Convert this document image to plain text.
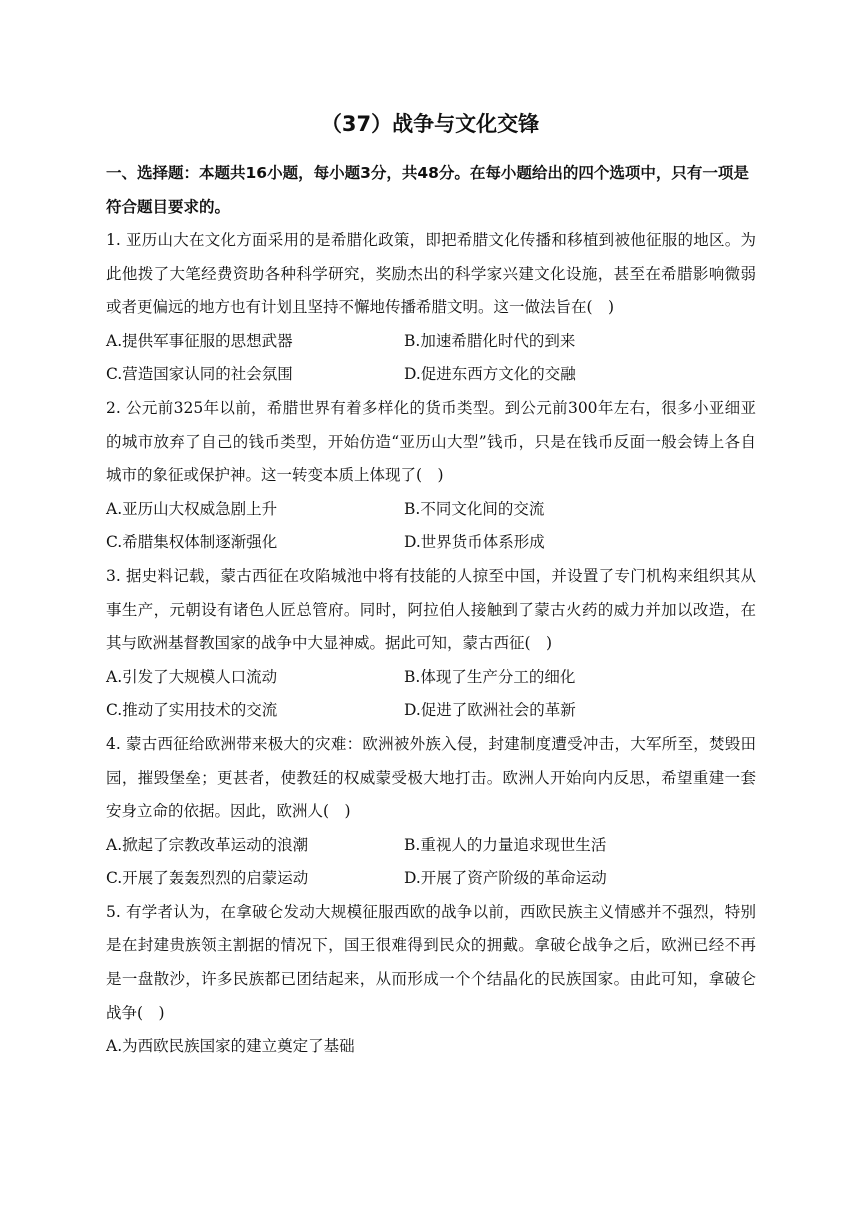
（37）战争与文化交锋

一、选择题：本题共16小题，每小题3分，共48分。在每小题给出的四个选项中，只有一项是符合题目要求的。

1. 亚历山大在文化方面采用的是希腊化政策，即把希腊文化传播和移植到被他征服的地区。为此他拨了大笔经费资助各种科学研究，奖励杰出的科学家兴建文化设施，甚至在希腊影响微弱或者更偏远的地方也有计划且坚持不懈地传播希腊文明。这一做法旨在(　)

A.提供军事征服的思想武器	B.加速希腊化时代的到来

C.营造国家认同的社会氛围	D.促进东西方文化的交融

2. 公元前325年以前，希腊世界有着多样化的货币类型。到公元前300年左右，很多小亚细亚的城市放弃了自己的钱币类型，开始仿造“亚历山大型”钱币，只是在钱币反面一般会铸上各自城市的象征或保护神。这一转变本质上体现了(　)

A.亚历山大权威急剧上升	B.不同文化间的交流

C.希腊集权体制逐渐强化	D.世界货币体系形成

3. 据史料记载，蒙古西征在攻陷城池中将有技能的人掠至中国，并设置了专门机构来组织其从事生产，元朝设有诸色人匠总管府。同时，阿拉伯人接触到了蒙古火药的威力并加以改造，在其与欧洲基督教国家的战争中大显神威。据此可知，蒙古西征(　)

A.引发了大规模人口流动	B.体现了生产分工的细化

C.推动了实用技术的交流	D.促进了欧洲社会的革新

4. 蒙古西征给欧洲带来极大的灾难：欧洲被外族入侵，封建制度遭受冲击，大军所至，焚毁田园，摧毁堡垒；更甚者，使教廷的权威蒙受极大地打击。欧洲人开始向内反思，希望重建一套安身立命的依据。因此，欧洲人(　)

A.掀起了宗教改革运动的浪潮	B.重视人的力量追求现世生活

C.开展了轰轰烈烈的启蒙运动	D.开展了资产阶级的革命运动

5. 有学者认为，在拿破仑发动大规模征服西欧的战争以前，西欧民族主义情感并不强烈，特别是在封建贵族领主割据的情况下，国王很难得到民众的拥戴。拿破仑战争之后，欧洲已经不再是一盘散沙，许多民族都已团结起来，从而形成一个个结晶化的民族国家。由此可知，拿破仑战争(　)

A.为西欧民族国家的建立奠定了基础
